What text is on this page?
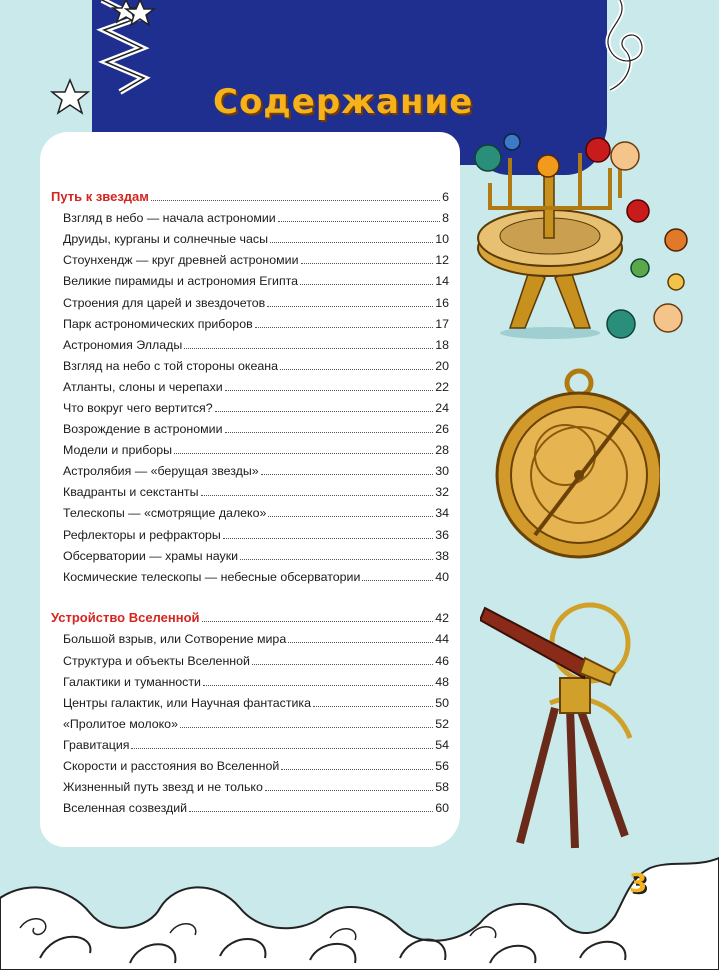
Содержание
Путь к звездам	6
Взгляд в небо — начала астрономии	8
Друиды, курганы и солнечные часы	10
Стоунхендж — круг древней астрономии	12
Великие пирамиды и астрономия Египта	14
Строения для царей и звездочетов	16
Парк астрономических приборов	17
Астрономия Эллады	18
Взгляд на небо с той стороны океана	20
Атланты, слоны и черепахи	22
Что вокруг чего вертится?	24
Возрождение в астрономии	26
Модели и приборы	28
Астролябия — «берущая звезды»	30
Квадранты и секстанты	32
Телескопы — «смотрящие далеко»	34
Рефлекторы и рефракторы	36
Обсерватории — храмы науки	38
Космические телескопы — небесные обсерватории	40
Устройство Вселенной	42
Большой взрыв, или Сотворение мира	44
Структура и объекты Вселенной	46
Галактики и туманности	48
Центры галактик, или Научная фантастика	50
«Пролитое молоко»	52
Гравитация	54
Скорости и расстояния во Вселенной	56
Жизненный путь звезд и не только	58
Вселенная созвездий	60
3
